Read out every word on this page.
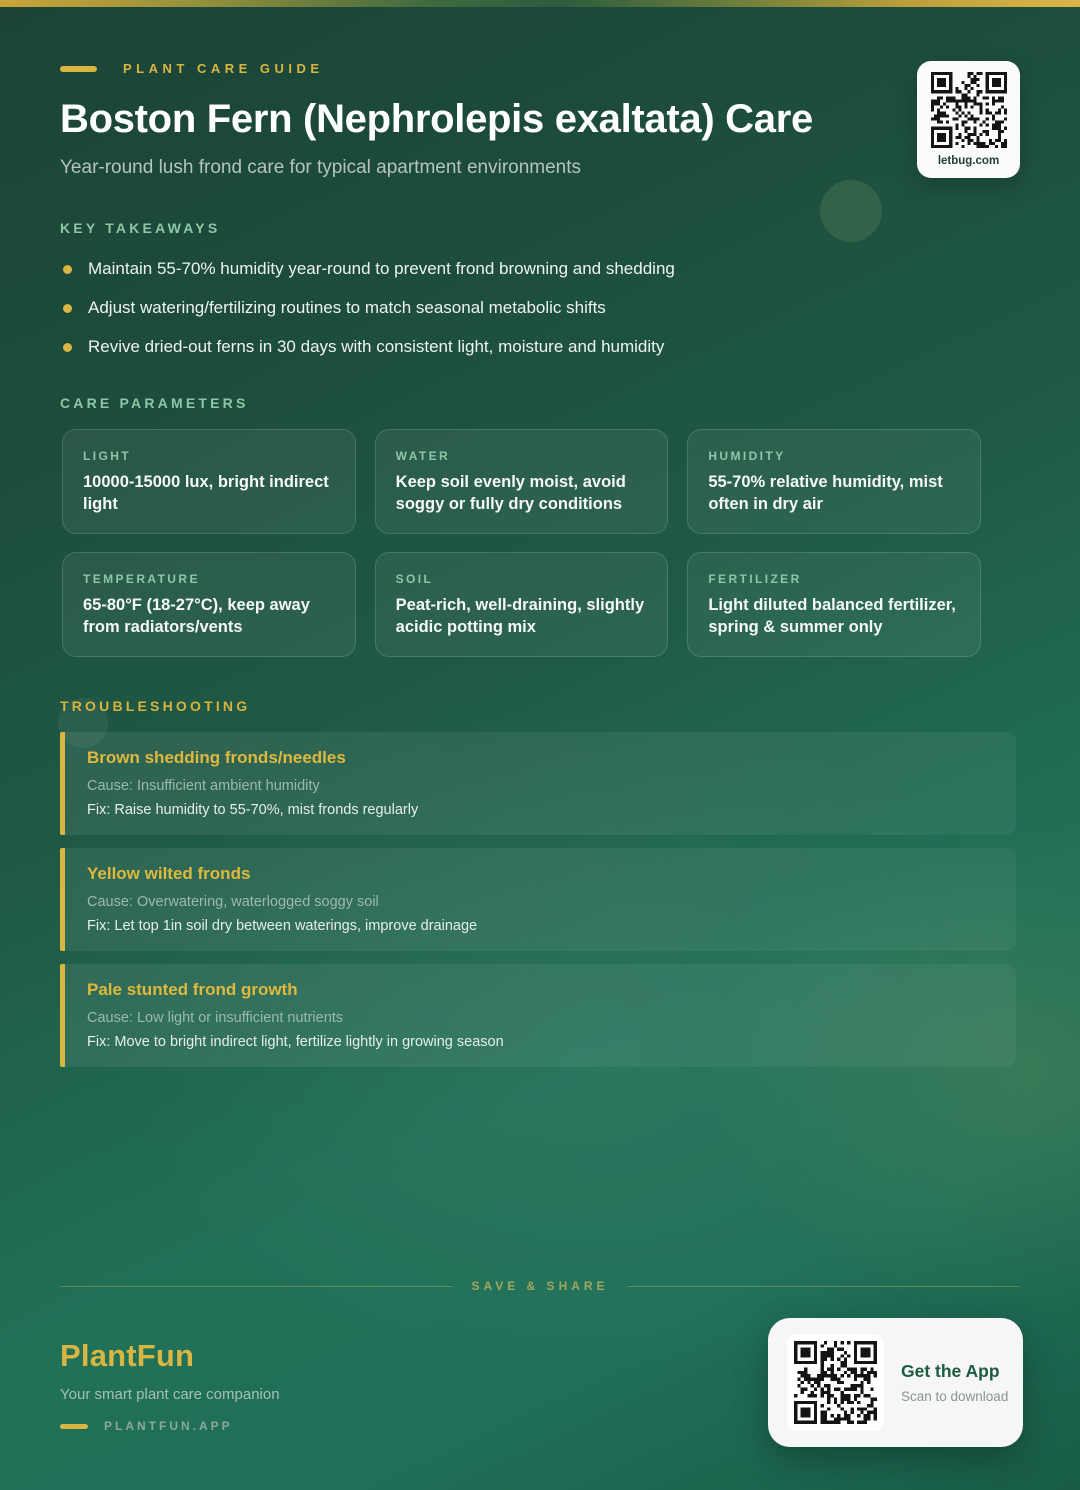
letbug.com
PLANT CARE GUIDE
Boston Fern (Nephrolepis exaltata) Care
Year-round lush frond care for typical apartment environments
KEY TAKEAWAYS
Maintain 55-70% humidity year-round to prevent frond browning and shedding
Adjust watering/fertilizing routines to match seasonal metabolic shifts
Revive dried-out ferns in 30 days with consistent light, moisture and humidity
CARE PARAMETERS
LIGHT
10000-15000 lux, bright indirect light
WATER
Keep soil evenly moist, avoid soggy or fully dry conditions
HUMIDITY
55-70% relative humidity, mist often in dry air
TEMPERATURE
65-80°F (18-27°C), keep away from radiators/vents
SOIL
Peat-rich, well-draining, slightly acidic potting mix
FERTILIZER
Light diluted balanced fertilizer, spring & summer only
TROUBLESHOOTING
Brown shedding fronds/needles
Cause: Insufficient ambient humidity
Fix: Raise humidity to 55-70%, mist fronds regularly
Yellow wilted fronds
Cause: Overwatering, waterlogged soggy soil
Fix: Let top 1in soil dry between waterings, improve drainage
Pale stunted frond growth
Cause: Low light or insufficient nutrients
Fix: Move to bright indirect light, fertilize lightly in growing season
SAVE & SHARE
PlantFun
Your smart plant care companion
PLANTFUN.APP
Get the App
Scan to download
